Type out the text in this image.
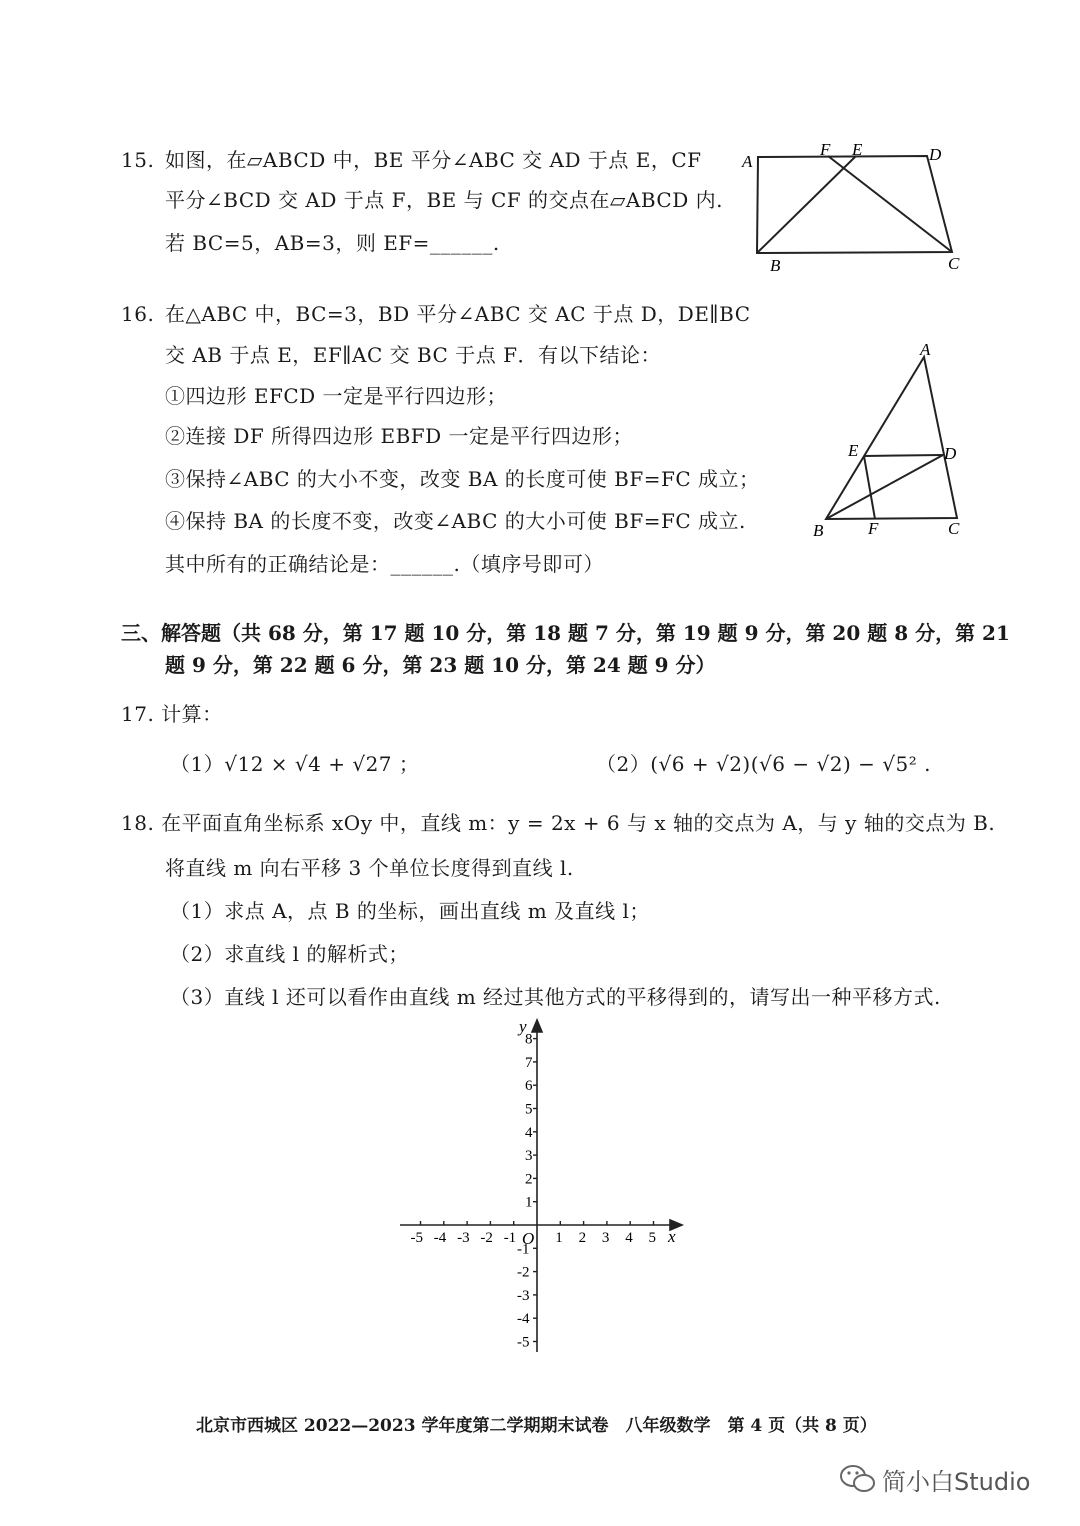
15. 如图，在▱ABCD 中，BE 平分∠ABC 交 AD 于点 E，CF
平分∠BCD 交 AD 于点 F，BE 与 CF 的交点在▱ABCD 内.
若 BC=5，AB=3，则 EF=______.
A
F E	D
B	C
16. 在△ABC 中，BC=3，BD 平分∠ABC 交 AC 于点 D，DE∥BC
交 AB 于点 E，EF∥AC 交 BC 于点 F．有以下结论：
①四边形 EFCD 一定是平行四边形；
②连接 DF 所得四边形 EBFD 一定是平行四边形；
③保持∠ABC 的大小不变，改变 BA 的长度可使 BF=FC 成立；
④保持 BA 的长度不变，改变∠ABC 的大小可使 BF=FC 成立.
其中所有的正确结论是：______.（填序号即可）
A
E	D
B	F	C
三、解答题（共 68 分，第 17 题 10 分，第 18 题 7 分，第 19 题 9 分，第 20 题 8 分，第 21
题 9 分，第 22 题 6 分，第 23 题 10 分，第 24 题 9 分）
17. 计算：
（1）√12 × √4 + √27 ；	（2）(√6 + √2)(√6 − √2) − √5² .
18. 在平面直角坐标系 xOy 中，直线 m：y = 2x + 6 与 x 轴的交点为 A，与 y 轴的交点为 B.
将直线 m 向右平移 3 个单位长度得到直线 l.
（1）求点 A，点 B 的坐标，画出直线 m 及直线 l；
（2）求直线 l 的解析式；
（3）直线 l 还可以看作由直线 m 经过其他方式的平移得到的，请写出一种平移方式.
-5 -4 -3 -2 -1	1 2 3 4 5
8
7
6
5
4
3
2
1
-1
-2
-3
-4
-5
x
y
O
北京市西城区 2022—2023 学年度第二学期期末试卷　八年级数学　第 4 页（共 8 页）
简小白Studio
